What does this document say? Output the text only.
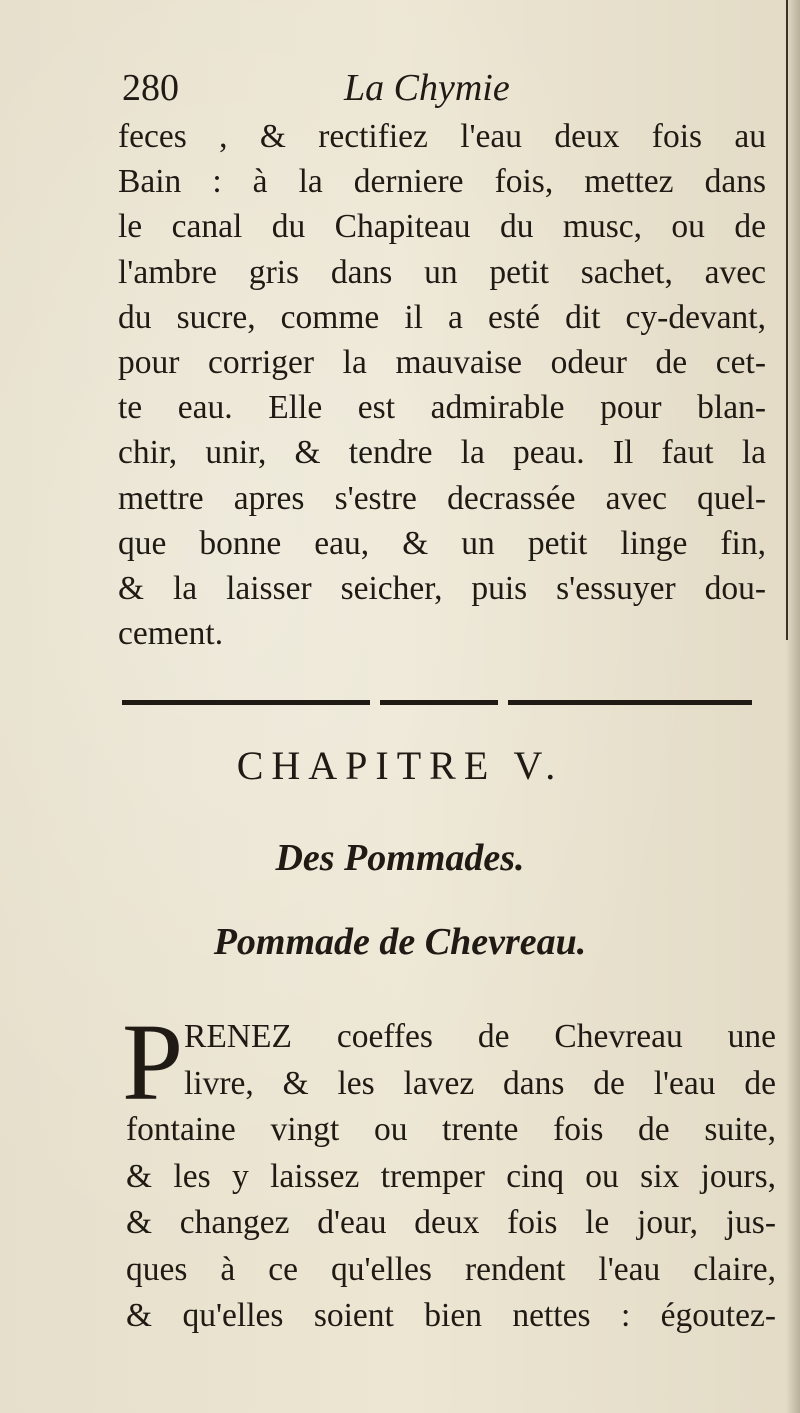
280	La Chymie
feces , & rectifiez l'eau deux fois au
Bain : à la derniere fois, mettez dans
le canal du Chapiteau du musc, ou de
l'ambre gris dans un petit sachet, avec
du sucre, comme il a esté dit cy-devant,
pour corriger la mauvaise odeur de cet-
te eau. Elle est admirable pour blan-
chir, unir, & tendre la peau. Il faut la
mettre apres s'estre decrassée avec quel-
que bonne eau, & un petit linge fin,
& la laisser seicher, puis s'essuyer dou-
cement.
CHAPITRE V.
Des Pommades.
Pommade de Chevreau.
P RENEZ coeffes de Chevreau une
livre, & les lavez dans de l'eau de
fontaine vingt ou trente fois de suite,
& les y laissez tremper cinq ou six jours,
& changez d'eau deux fois le jour, jus-
ques à ce qu'elles rendent l'eau claire,
& qu'elles soient bien nettes : égoutez-
